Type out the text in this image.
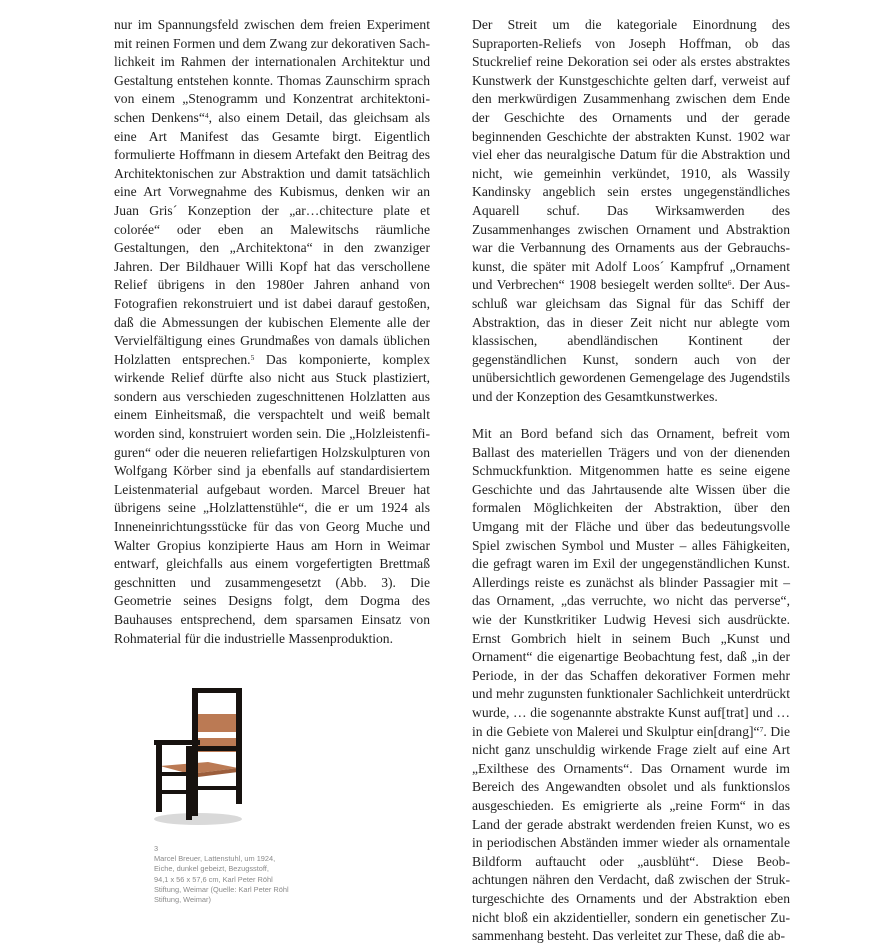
nur im Spannungsfeld zwischen dem freien Experiment mit reinen Formen und dem Zwang zur dekorativen Sachlichkeit im Rahmen der internationalen Architektur und Gestaltung entstehen konnte. Thomas Zaunschirm sprach von einem „Stenogramm und Konzentrat architektonischen Denkens“$^4$, also einem Detail, das gleichsam als eine Art Manifest das Gesamte birgt. Eigentlich formulierte Hoffmann in diesem Artefakt den Beitrag des Architektonischen zur Abstraktion und damit tatsächlich eine Art Vorwegnahme des Kubismus, denken wir an Juan Gris´ Konzeption der „ar…chitecture plate et colorée“ oder eben an Malewitschs räumliche Gestaltungen, den „Architektona“ in den zwanziger Jahren. Der Bildhauer Willi Kopf hat das verschollene Relief übrigens in den 1980er Jahren anhand von Fotografien rekonstruiert und ist dabei darauf gestoßen, daß die Abmessungen der kubischen Elemente alle der Vervielfältigung eines Grundmaßes von damals üblichen Holzlatten entsprechen.$^5$ Das komponierte, komplex wirkende Relief dürfte also nicht aus Stuck plastiziert, sondern aus verschieden zugeschnittenen Holzlatten aus einem Einheitsmaß, die verspachtelt und weiß bemalt worden sind, konstruiert worden sein. Die „Holzleistenfiguren“ oder die neueren reliefartigen Holzskulpturen von Wolfgang Körber sind ja ebenfalls auf standardisiertem Leistenmaterial aufgebaut worden. Marcel Breuer hat übrigens seine „Holzlattenstühle“, die er um 1924 als Inneneinrichtungsstücke für das von Georg Muche und Walter Gropius konzipierte Haus am Horn in Weimar entwarf, gleichfalls aus einem vorgefertigten Brettmaß geschnitten und zusammengesetzt (Abb. 3). Die Geometrie seines Designs folgt, dem Dogma des Bauhauses entsprechend, dem sparsamen Einsatz von Rohmaterial für die industrielle Massenproduktion.

Der Streit um die kategoriale Einordnung des Supraporten-Reliefs von Joseph Hoffman, ob das Stuckrelief reine Dekoration sei oder als erstes abstraktes Kunstwerk der Kunstgeschichte gelten darf, verweist auf den merkwürdigen Zusammenhang zwischen dem Ende der Geschichte des Ornaments und der gerade beginnenden Geschichte der abstrakten Kunst. 1902 war viel eher das neuralgische Datum für die Abstraktion und nicht, wie gemeinhin verkündet, 1910, als Wassily Kandinsky angeblich sein erstes ungegenständliches Aquarell schuf. Das Wirksamwerden des Zusammenhanges zwischen Ornament und Abstraktion war die Verbannung des Ornaments aus der Gebrauchskunst, die später mit Adolf Loos´ Kampfruf „Ornament und Verbrechen“ 1908 besiegelt werden sollte$^6$. Der Ausschluß war gleichsam das Signal für das Schiff der Abstraktion, das in dieser Zeit nicht nur ablegte vom klassischen, abendländischen Kontinent der gegenständlichen Kunst, sondern auch von der unübersichtlich gewordenen Gemengelage des Jugendstils und der Konzeption des Gesamtkunstwerkes.

Mit an Bord befand sich das Ornament, befreit vom Ballast des materiellen Trägers und von der dienenden Schmuckfunktion. Mitgenommen hatte es seine eigene Geschichte und das Jahrtausende alte Wissen über die formalen Möglichkeiten der Abstraktion, über den Umgang mit der Fläche und über das bedeutungsvolle Spiel zwischen Symbol und Muster – alles Fähigkeiten, die gefragt waren im Exil der ungegenständlichen Kunst. Allerdings reiste es zunächst als blinder Passagier mit – das Ornament, „das verruchte, wo nicht das perverse“, wie der Kunstkritiker Ludwig Hevesi sich ausdrückte. Ernst Gombrich hielt in seinem Buch „Kunst und Ornament“ die eigenartige Beobachtung fest, daß „in der Periode, in der das Schaffen dekorativer Formen mehr und mehr zugunsten funktionaler Sachlichkeit unterdrückt wurde, … die sogenannte abstrakte Kunst auf[trat] und … in die Gebiete von Malerei und Skulptur ein[drang]“$^7$. Die nicht ganz unschuldig wirkende Frage zielt auf eine Art „Exilthese des Ornaments“. Das Ornament wurde im Bereich des Angewandten obsolet und als funktionslos ausgeschieden. Es emigrierte als „reine Form“ in das Land der gerade abstrakt werdenden freien Kunst, wo es in periodischen Abständen immer wieder als ornamentale Bildform auftaucht oder „ausblüht“. Diese Beobachtungen nähren den Verdacht, daß zwischen der Strukturgeschichte des Ornaments und der Abstraktion eben nicht bloß ein akzidentieller, sondern ein genetischer Zusammenhang besteht. Das verleitet zur These, daß die ab-

3
Marcel Breuer, Lattenstuhl, um 1924,
Eiche, dunkel gebeizt, Bezugsstoff,
94,1 x 56 x 57,6 cm, Karl Peter Röhl
Stiftung, Weimar (Quelle: Karl Peter Röhl
Stiftung, Weimar)
